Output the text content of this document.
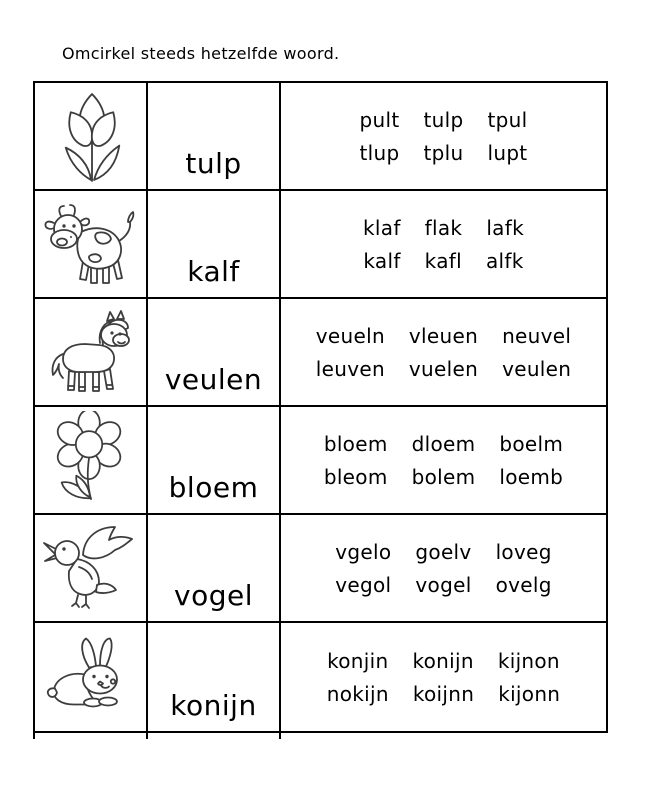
Omcirkel steeds hetzelfde woord.
tulp
pult tulp tpul
tlup tplu lupt
kalf
klaf flak lafk
kalf kafl alfk
veulen
veueln vleuen neuvel
leuven vuelen veulen
bloem
bloem dloem boelm
bleom bolem loemb
vogel
vgelo goelv loveg
vegol vogel ovelg
konijn
konjin konijn kijnon
nokijn koijnn kijonn
